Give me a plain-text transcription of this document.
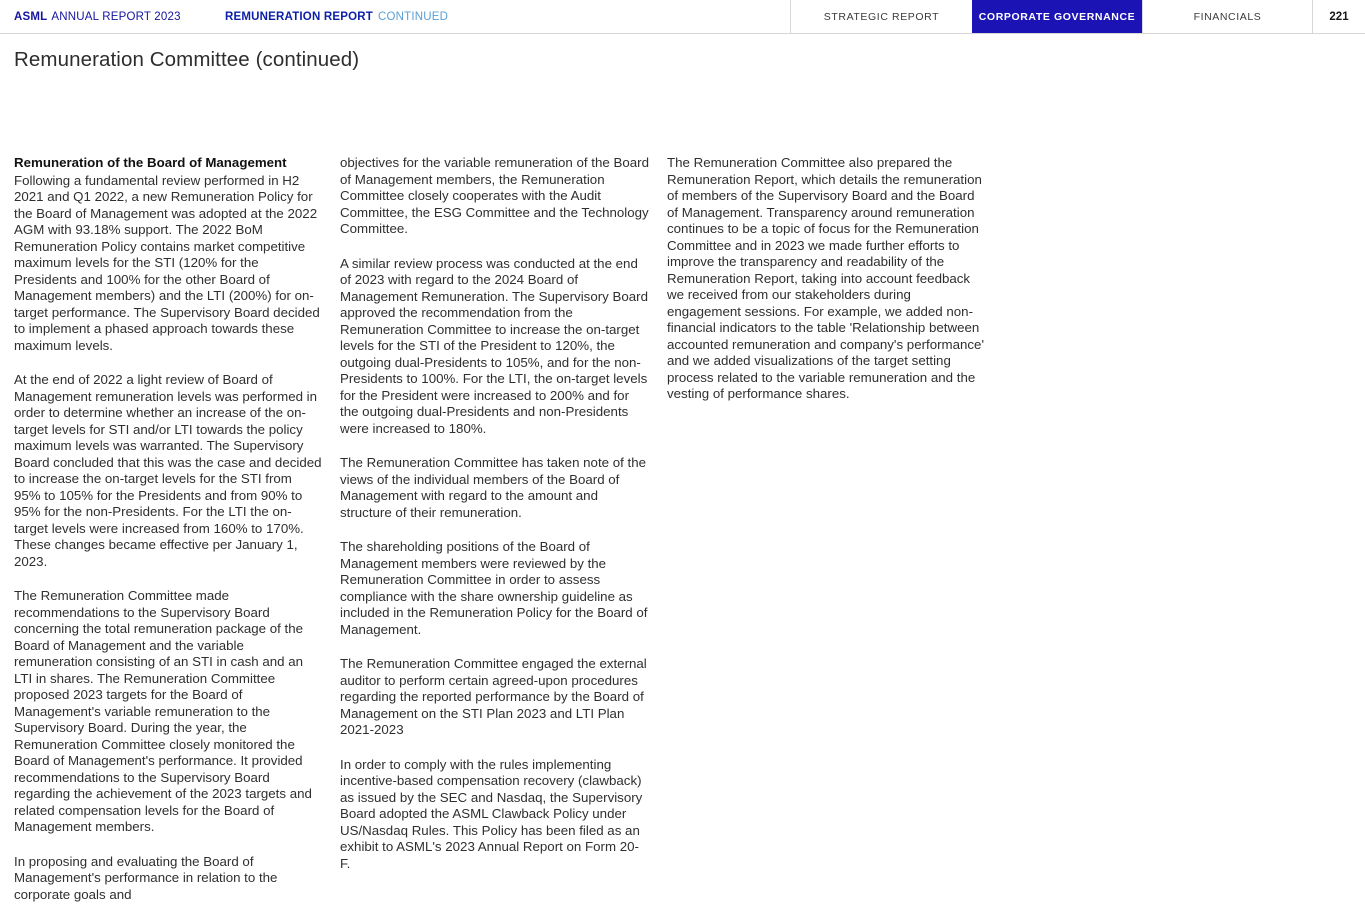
ASML ANNUAL REPORT 2023	REMUNERATION REPORT CONTINUED	STRATEGIC REPORT	CORPORATE GOVERNANCE	FINANCIALS	221
Remuneration Committee (continued)
Remuneration of the Board of Management

Following a fundamental review performed in H2 2021 and Q1 2022, a new Remuneration Policy for the Board of Management was adopted at the 2022 AGM with 93.18% support. The 2022 BoM Remuneration Policy contains market competitive maximum levels for the STI (120% for the Presidents and 100% for the other Board of Management members) and the LTI (200%) for on-target performance. The Supervisory Board decided to implement a phased approach towards these maximum levels.

At the end of 2022 a light review of Board of Management remuneration levels was performed in order to determine whether an increase of the on-target levels for STI and/or LTI towards the policy maximum levels was warranted. The Supervisory Board concluded that this was the case and decided to increase the on-target levels for the STI from 95% to 105% for the Presidents and from 90% to 95% for the non-Presidents. For the LTI the on-target levels were increased from 160% to 170%. These changes became effective per January 1, 2023.

The Remuneration Committee made recommendations to the Supervisory Board concerning the total remuneration package of the Board of Management and the variable remuneration consisting of an STI in cash and an LTI in shares. The Remuneration Committee proposed 2023 targets for the Board of Management's variable remuneration to the Supervisory Board. During the year, the Remuneration Committee closely monitored the Board of Management's performance. It provided recommendations to the Supervisory Board regarding the achievement of the 2023 targets and related compensation levels for the Board of Management members.

In proposing and evaluating the Board of Management's performance in relation to the corporate goals and

objectives for the variable remuneration of the Board of Management members, the Remuneration Committee closely cooperates with the Audit Committee, the ESG Committee and the Technology Committee.

A similar review process was conducted at the end of 2023 with regard to the 2024 Board of Management Remuneration. The Supervisory Board approved the recommendation from the Remuneration Committee to increase the on-target levels for the STI of the President to 120%, the outgoing dual-Presidents to 105%, and for the non-Presidents to 100%. For the LTI, the on-target levels for the President were increased to 200% and for the outgoing dual-Presidents and non-Presidents were increased to 180%.

The Remuneration Committee has taken note of the views of the individual members of the Board of Management with regard to the amount and structure of their remuneration.

The shareholding positions of the Board of Management members were reviewed by the Remuneration Committee in order to assess compliance with the share ownership guideline as included in the Remuneration Policy for the Board of Management.

The Remuneration Committee engaged the external auditor to perform certain agreed-upon procedures regarding the reported performance by the Board of Management on the STI Plan 2023 and LTI Plan 2021-2023

In order to comply with the rules implementing incentive-based compensation recovery (clawback) as issued by the SEC and Nasdaq, the Supervisory Board adopted the ASML Clawback Policy under US/Nasdaq Rules. This Policy has been filed as an exhibit to ASML's 2023 Annual Report on Form 20-F.

The Remuneration Committee also prepared the Remuneration Report, which details the remuneration of members of the Supervisory Board and the Board of Management. Transparency around remuneration continues to be a topic of focus for the Remuneration Committee and in 2023 we made further efforts to improve the transparency and readability of the Remuneration Report, taking into account feedback we received from our stakeholders during engagement sessions. For example, we added non-financial indicators to the table 'Relationship between accounted remuneration and company's performance' and we added visualizations of the target setting process related to the variable remuneration and the vesting of performance shares.
